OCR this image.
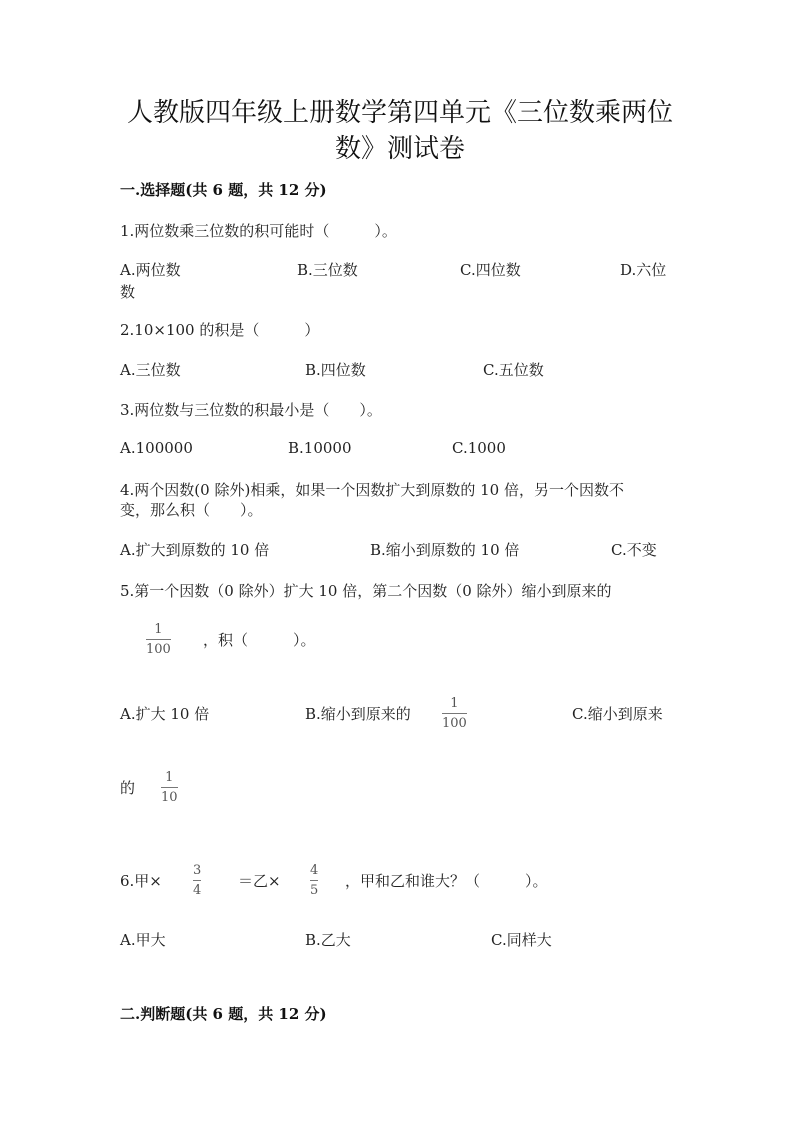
人教版四年级上册数学第四单元《三位数乘两位
数》测试卷
一.选择题(共 6 题，共 12 分)
1.两位数乘三位数的积可能时（　　　）。
A.两位数	B.三位数	C.四位数	D.六位
数
2.10×100 的积是（　　　）
A.三位数	B.四位数	C.五位数
3.两位数与三位数的积最小是（　　）。
A.100000	B.10000	C.1000
4.两个因数(0 除外)相乘，如果一个因数扩大到原数的 10 倍，另一个因数不
变，那么积（　　）。
A.扩大到原数的 10 倍	B.缩小到原数的 10 倍	C.不变
5.第一个因数（0 除外）扩大 10 倍，第二个因数（0 除外）缩小到原来的
1
100
，积（　　　）。
A.扩大 10 倍	B.缩小到原来的
1
100
C.缩小到原来
的
1
10
6.甲×
3
4
＝乙×
4
5
，甲和乙和谁大？（　　　）。
A.甲大	B.乙大	C.同样大
二.判断题(共 6 题，共 12 分)
